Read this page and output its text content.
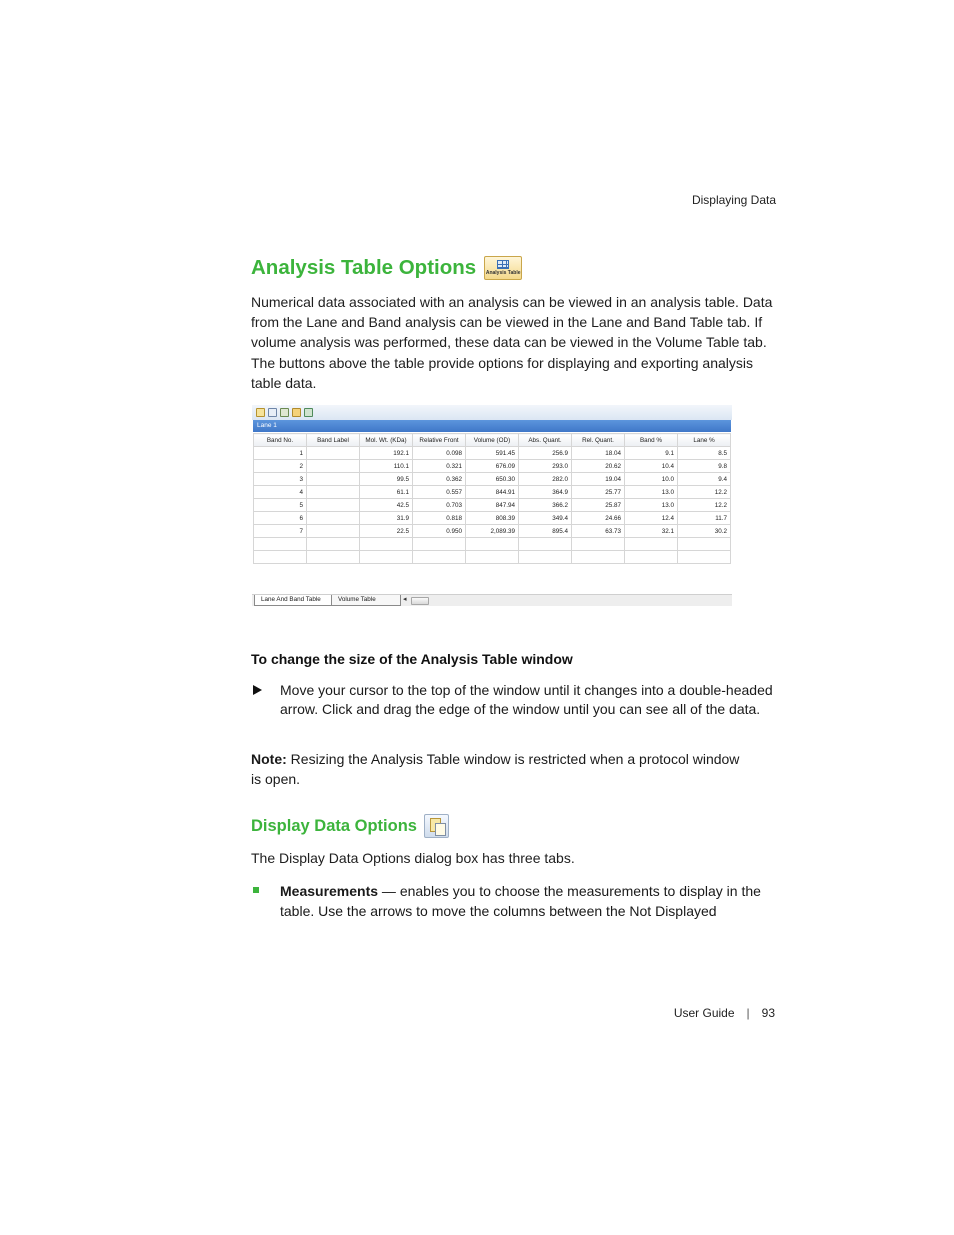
Displaying Data
Analysis Table Options Analysis Table

Numerical data associated with an analysis can be viewed in an analysis table. Data from the Lane and Band analysis can be viewed in the Lane and Band Table tab. If volume analysis was performed, these data can be viewed in the Volume Table tab. The buttons above the table provide options for displaying and exporting analysis table data.

Lane 1
Band No.	Band Label	Mol. Wt. (KDa)	Relative Front	Volume (OD)	Abs. Quant.	Rel. Quant.	Band %	Lane %
1		192.1	0.098	591.45	256.9	18.04	9.1	8.5
2		110.1	0.321	676.09	293.0	20.62	10.4	9.8
3		99.5	0.362	650.30	282.0	19.04	10.0	9.4
4		61.1	0.557	844.91	364.9	25.77	13.0	12.2
5		42.5	0.703	847.94	366.2	25.87	13.0	12.2
6		31.9	0.818	808.39	349.4	24.66	12.4	11.7
7		22.5	0.950	2,089.39	895.4	63.73	32.1	30.2

Lane And Band Table	Volume Table	◂
To change the size of the Analysis Table window

Move your cursor to the top of the window until it changes into a double-headed arrow. Click and drag the edge of the window until you can see all of the data.

Note: Resizing the Analysis Table window is restricted when a protocol window is open.

Display Data Options

The Display Data Options dialog box has three tabs.

Measurements — enables you to choose the measurements to display in the table. Use the arrows to move the columns between the Not Displayed

User Guide | 93
